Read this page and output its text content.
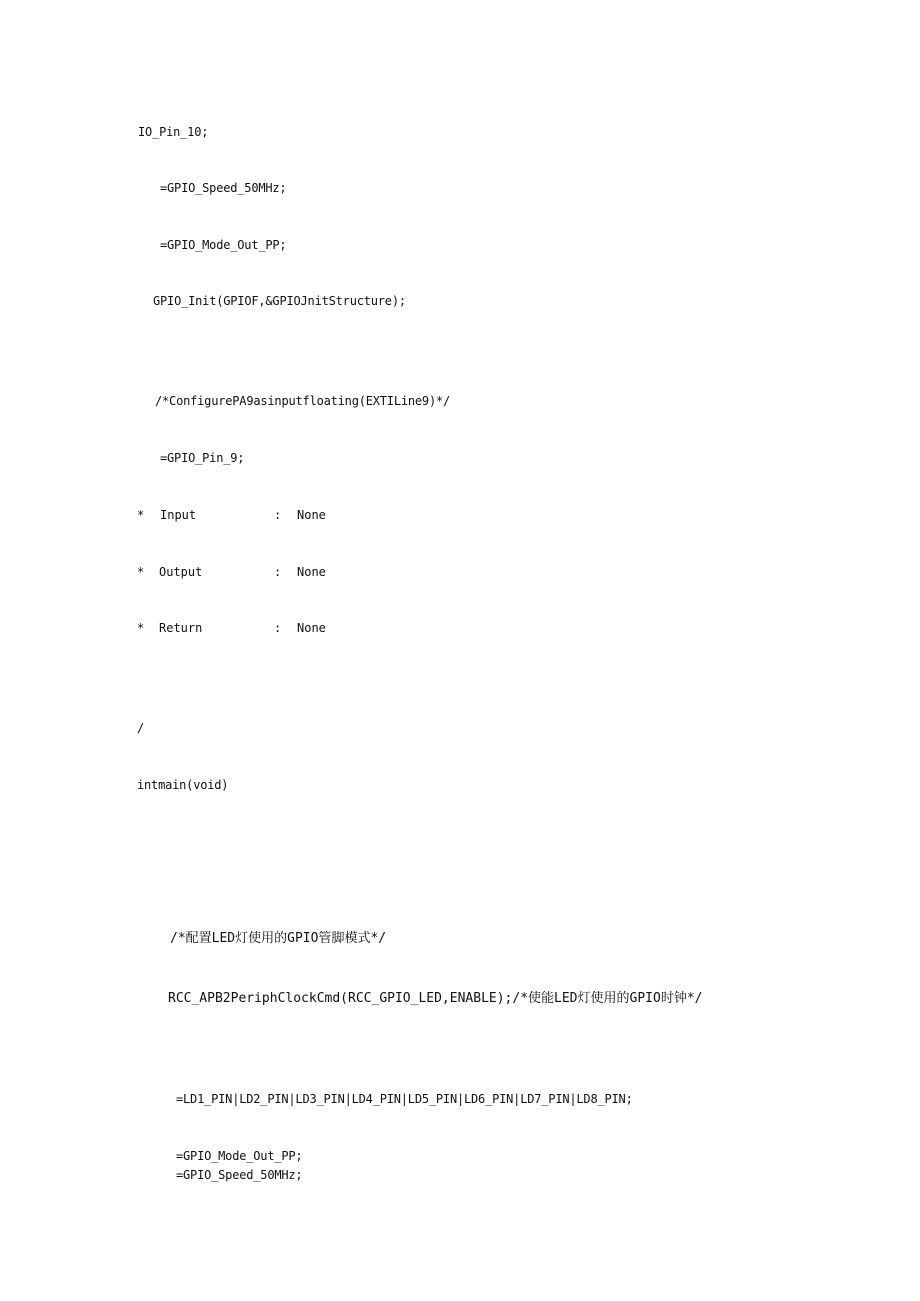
IO_Pin_10;
=GPIO_Speed_50MHz;
=GPIO_Mode_Out_PP;
GPIO_Init(GPIOF,&GPIOJnitStructure);
/*ConfigurePA9asinputfloating(EXTILine9)*/
=GPIO_Pin_9;
* Input	: None
* Output	: None
* Return	: None
/
intmain(void)
/*配置LED灯使用的GPIO管脚模式*/
RCC_APB2PeriphClockCmd(RCC_GPIO_LED,ENABLE);/*使能LED灯使用的GPIO时钟*/
=LD1_PIN|LD2_PIN|LD3_PIN|LD4_PIN|LD5_PIN|LD6_PIN|LD7_PIN|LD8_PIN;
=GPIO_Mode_Out_PP;
=GPIO_Speed_50MHz;
